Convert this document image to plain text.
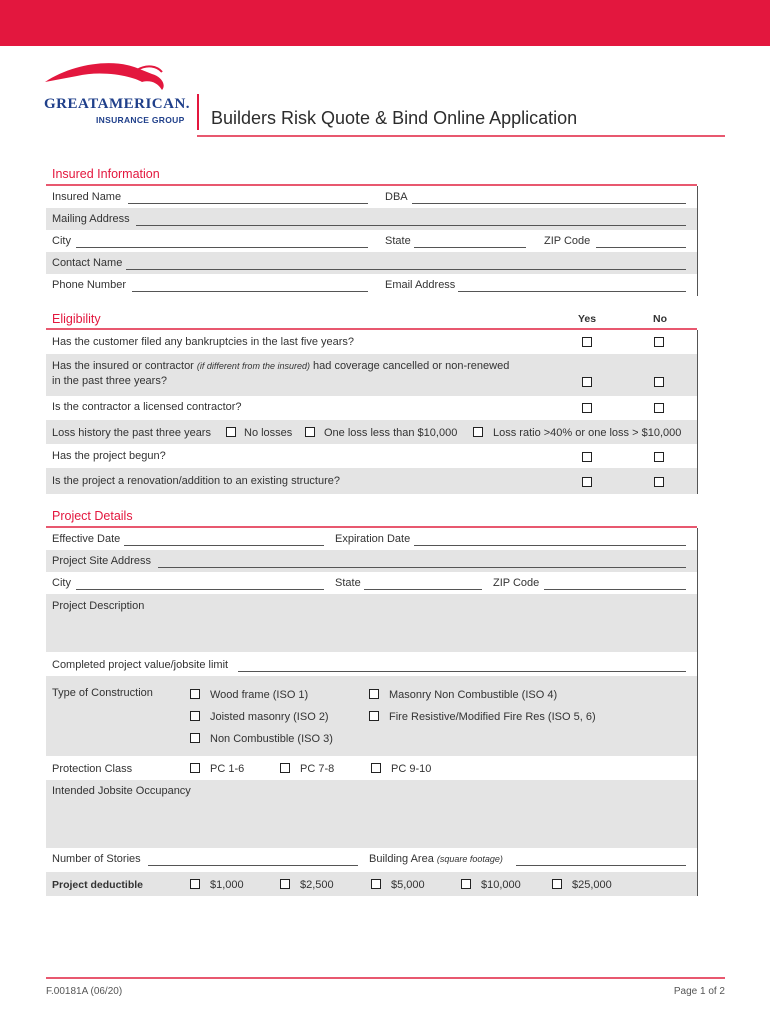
GREATAMERICAN.
INSURANCE GROUP Builders Risk Quote & Bind Online Application
Insured Information
Insured Name	DBA
Mailing Address
City	State	ZIP Code
Contact Name
Phone Number	Email Address
Eligibility	Yes	No
Has the customer filed any bankruptcies in the last five years?
Has the insured or contractor (if different from the insured) had coverage cancelled or non-renewed
in the past three years?
Is the contractor a licensed contractor?
Loss history the past three years	No losses	One loss less than $10,000	Loss ratio >40% or one loss > $10,000
Has the project begun?
Is the project a renovation/addition to an existing structure?
Project Details
Effective Date	Expiration Date
Project Site Address
City	State	ZIP Code
Project Description
Completed project value/jobsite limit
Type of Construction	Wood frame (ISO 1)	Masonry Non Combustible (ISO 4)
Joisted masonry (ISO 2)	Fire Resistive/Modified Fire Res (ISO 5, 6)
Non Combustible (ISO 3)
Protection Class	PC 1-6	PC 7-8	PC 9-10
Intended Jobsite Occupancy
Number of Stories	Building Area (square footage)
Project deductible	$1,000	$2,500	$5,000	$10,000	$25,000
F.00181A (06/20)	Page 1 of 2
